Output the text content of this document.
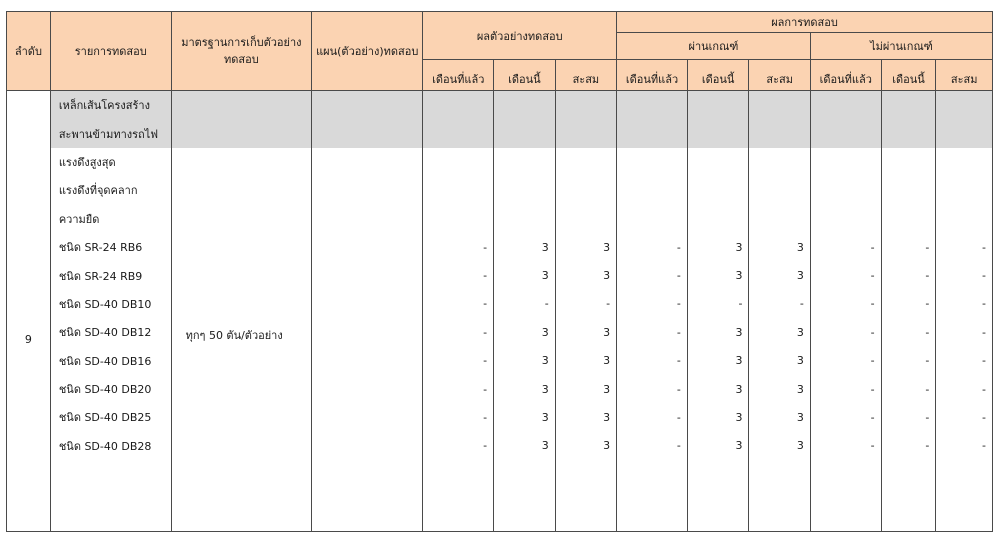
ลำดับ	รายการทดสอบ	มาตรฐานการเก็บตัวอย่างทดสอบ	แผน(ตัวอย่าง)ทดสอบ	ผลตัวอย่างทดสอบ			ผลการทดสอบ					
							ผ่านเกณฑ์			ไม่ผ่านเกณฑ์		
				เดือนที่แล้ว	เดือนนี้	สะสม	เดือนที่แล้ว	เดือนนี้	สะสม	เดือนที่แล้ว	เดือนนี้	สะสม
	เหล็กเส้นโครงสร้าง											
	สะพานข้ามทางรถไฟ											
9	แรงดึงสูงสุด	ทุกๆ 50 ตัน/ตัวอย่าง										
	แรงดึงที่จุดคลาก											
	ความยืด											
	ชนิด SR-24 RB6			-	3	3	-	3	3	-	-	-
	ชนิด SR-24 RB9			-	3	3	-	3	3	-	-	-
	ชนิด SD-40 DB10			-	-	-	-	-	-	-	-	-
	ชนิด SD-40 DB12			-	3	3	-	3	3	-	-	-
	ชนิด SD-40 DB16			-	3	3	-	3	3	-	-	-
	ชนิด SD-40 DB20			-	3	3	-	3	3	-	-	-
	ชนิด SD-40 DB25			-	3	3	-	3	3	-	-	-
	ชนิด SD-40 DB28			-	3	3	-	3	3	-	-	-
